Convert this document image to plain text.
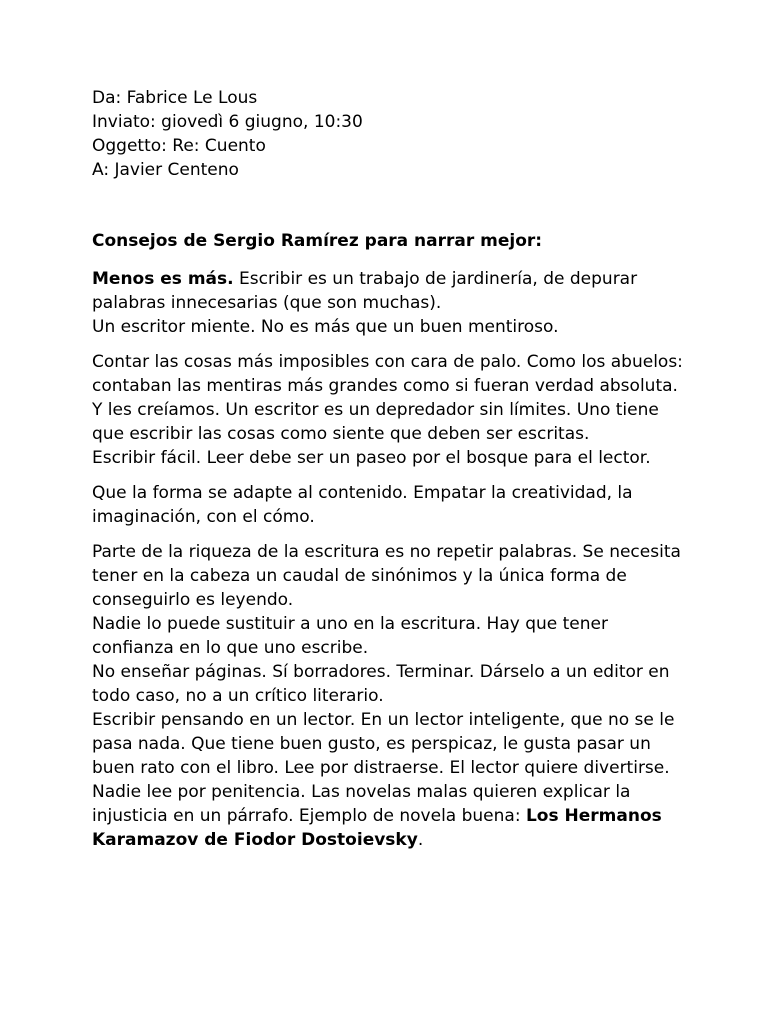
Da: Fabrice Le Lous
Inviato: giovedì 6 giugno, 10:30
Oggetto: Re: Cuento
A: Javier Centeno

Consejos de Sergio Ramírez para narrar mejor:

Menos es más. Escribir es un trabajo de jardinería, de depurar palabras innecesarias (que son muchas).
Un escritor miente. No es más que un buen mentiroso.

Contar las cosas más imposibles con cara de palo. Como los abuelos: contaban las mentiras más grandes como si fueran verdad absoluta. Y les creíamos. Un escritor es un depredador sin límites. Uno tiene que escribir las cosas como siente que deben ser escritas.
Escribir fácil. Leer debe ser un paseo por el bosque para el lector.

Que la forma se adapte al contenido. Empatar la creatividad, la imaginación, con el cómo.

Parte de la riqueza de la escritura es no repetir palabras. Se necesita tener en la cabeza un caudal de sinónimos y la única forma de conseguirlo es leyendo.
Nadie lo puede sustituir a uno en la escritura. Hay que tener confianza en lo que uno escribe.
No enseñar páginas. Sí borradores. Terminar. Dárselo a un editor en todo caso, no a un crítico literario.
Escribir pensando en un lector. En un lector inteligente, que no se le pasa nada. Que tiene buen gusto, es perspicaz, le gusta pasar un buen rato con el libro. Lee por distraerse. El lector quiere divertirse. Nadie lee por penitencia. Las novelas malas quieren explicar la injusticia en un párrafo. Ejemplo de novela buena: Los Hermanos Karamazov de Fiodor Dostoievsky.
